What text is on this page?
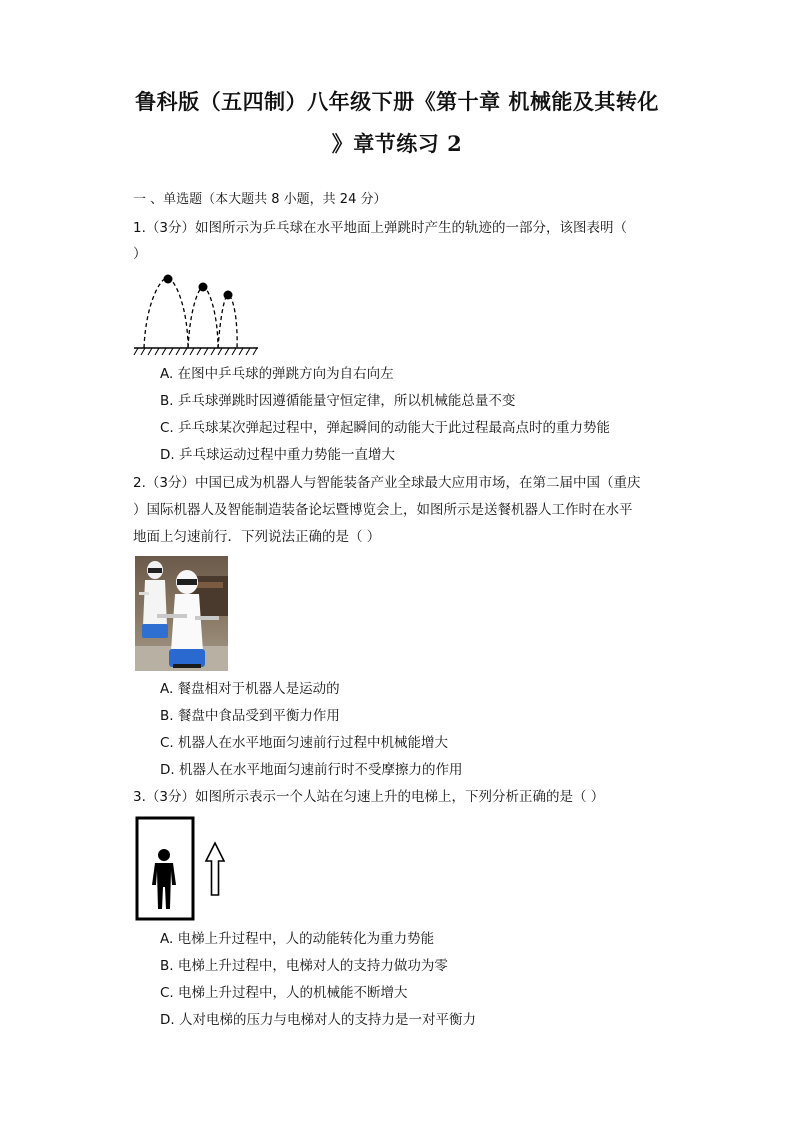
鲁科版（五四制）八年级下册《第十章 机械能及其转化
》章节练习 2
一 、单选题（本大题共 8 小题，共 24 分）
1.（3分）如图所示为乒乓球在水平地面上弹跳时产生的轨迹的一部分，该图表明（
）
A. 在图中乒乓球的弹跳方向为自右向左
B. 乒乓球弹跳时因遵循能量守恒定律，所以机械能总量不变
C. 乒乓球某次弹起过程中，弹起瞬间的动能大于此过程最高点时的重力势能
D. 乒乓球运动过程中重力势能一直增大
2.（3分）中国已成为机器人与智能装备产业全球最大应用市场，在第二届中国（重庆
）国际机器人及智能制造装备论坛暨博览会上，如图所示是送餐机器人工作时在水平
地面上匀速前行．下列说法正确的是（ ）
A. 餐盘相对于机器人是运动的
B. 餐盘中食品受到平衡力作用
C. 机器人在水平地面匀速前行过程中机械能增大
D. 机器人在水平地面匀速前行时不受摩擦力的作用
3.（3分）如图所示表示一个人站在匀速上升的电梯上，下列分析正确的是（ ）
A. 电梯上升过程中，人的动能转化为重力势能
B. 电梯上升过程中，电梯对人的支持力做功为零
C. 电梯上升过程中，人的机械能不断增大
D. 人对电梯的压力与电梯对人的支持力是一对平衡力
